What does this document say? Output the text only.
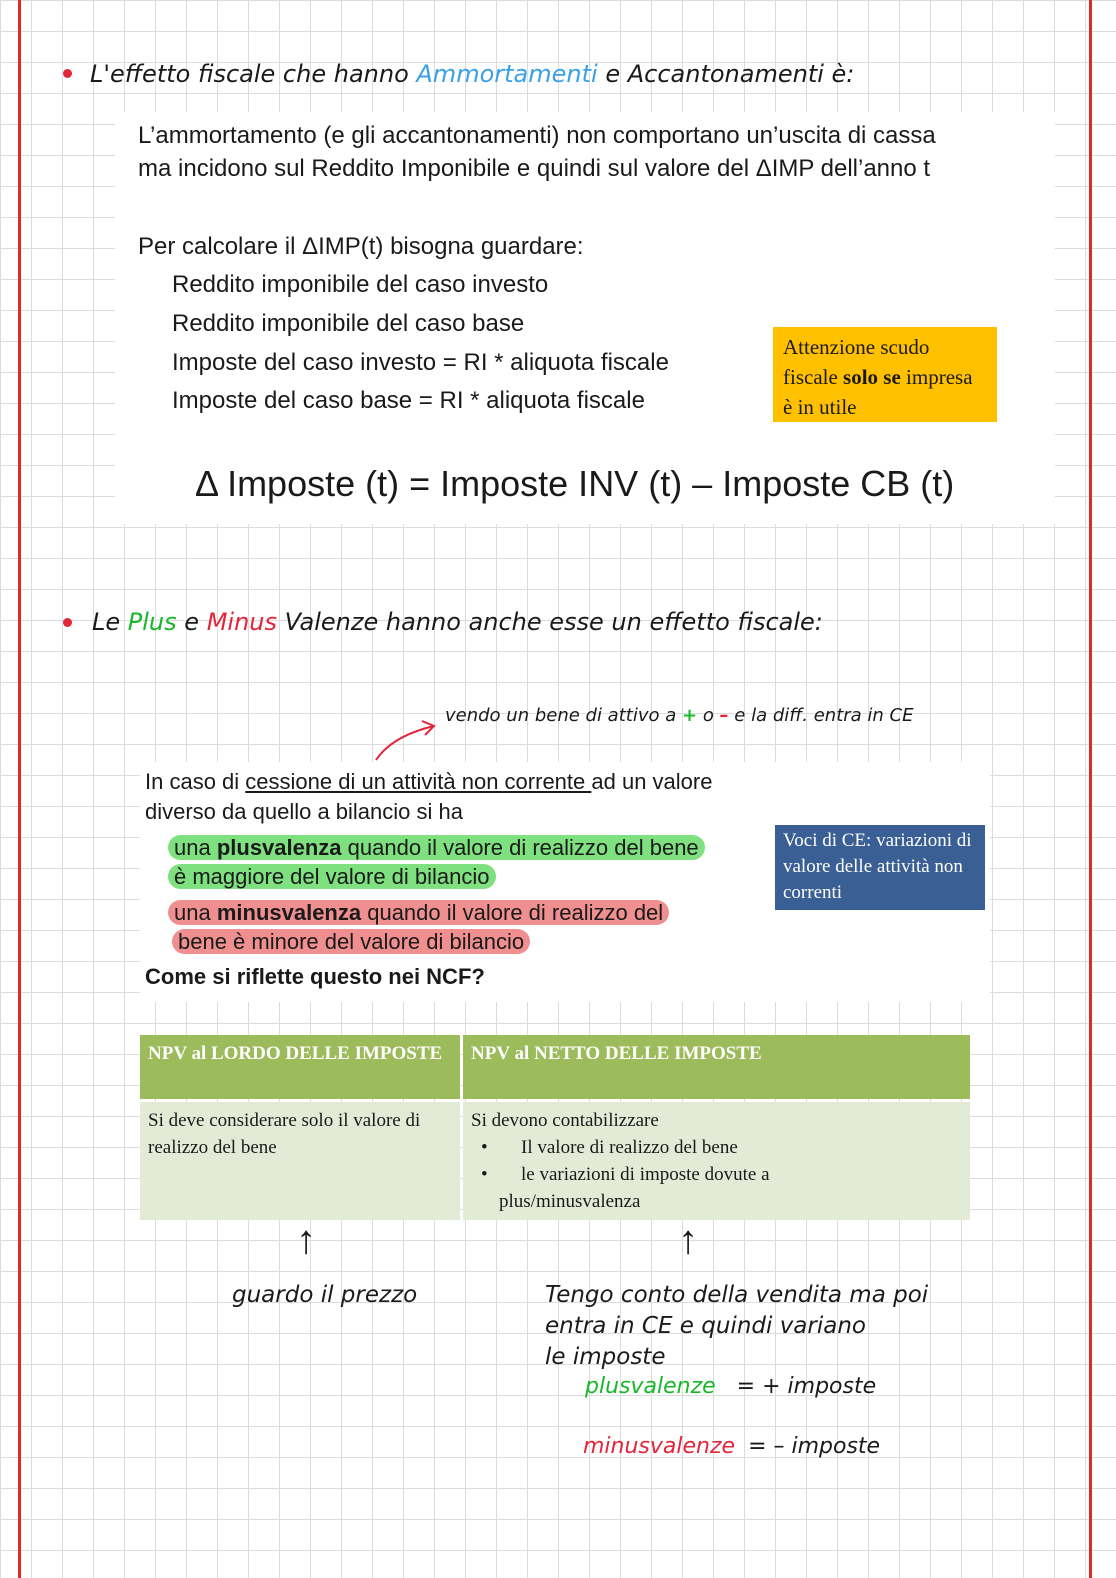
L'effetto fiscale che hanno Ammortamenti e Accantonamenti è:
L’ammortamento (e gli accantonamenti) non comportano un’uscita di cassa
ma incidono sul Reddito Imponibile e quindi sul valore del ΔIMP dell’anno t
Per calcolare il ΔIMP(t) bisogna guardare:
Reddito imponibile del caso investo
Reddito imponibile del caso base
Imposte del caso investo = RI * aliquota fiscale
Imposte del caso base = RI * aliquota fiscale
Attenzione scudo fiscale solo se impresa è in utile
Δ Imposte (t) = Imposte INV (t) – Imposte CB (t)
Le Plus e Minus Valenze hanno anche esse un effetto fiscale:
vendo un bene di attivo a + o – e la diff. entra in CE
In caso di cessione di un attività non corrente ad un valore
diverso da quello a bilancio si ha
una plusvalenza quando il valore di realizzo del bene
è maggiore del valore di bilancio
una minusvalenza quando il valore di realizzo del
bene è minore del valore di bilancio
Come si riflette questo nei NCF?
Voci di CE: variazioni di valore delle attività non correnti
NPV al LORDO DELLE IMPOSTE	NPV al NETTO DELLE IMPOSTE
Si deve considerare solo il valore di realizzo del bene	Si devono contabilizzare
• Il valore di realizzo del bene
• le variazioni di imposte dovute a
plus/minusvalenza
↑	↑
guardo il prezzo	Tengo conto della vendita ma poi
entra in CE e quindi variano
le imposte
plusvalenze = + imposte
minusvalenze = – imposte
